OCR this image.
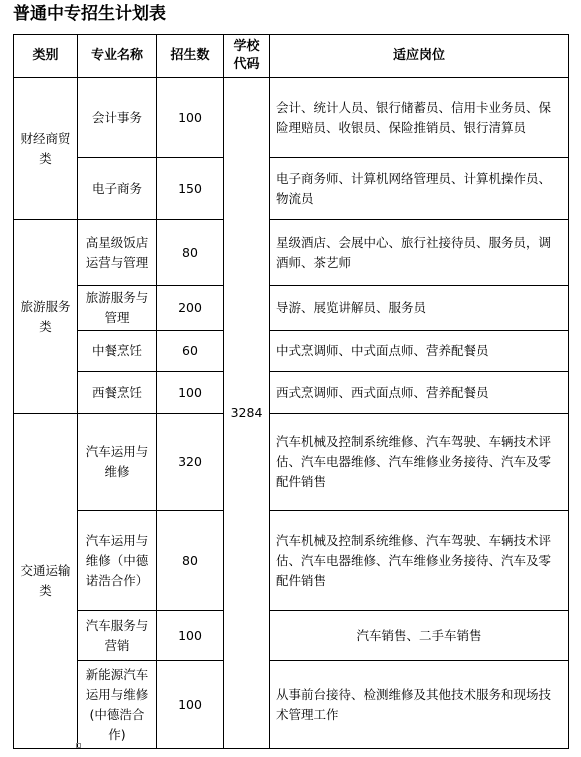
普通中专招生计划表
类别	专业名称	招生数	学校代码	适应岗位
财经商贸类	会计事务	100	3284	会计、统计人员、银行储蓄员、信用卡业务员、保险理赔员、收银员、保险推销员、银行清算员
	电子商务	150		电子商务师、计算机网络管理员、计算机操作员、物流员
旅游服务类	高星级饭店运营与管理	80		星级酒店、会展中心、旅行社接待员、服务员，调酒师、茶艺师
	旅游服务与管理	200		导游、展览讲解员、服务员
	中餐烹饪	60		中式烹调师、中式面点师、营养配餐员
	西餐烹饪	100		西式烹调师、西式面点师、营养配餐员
交通运输类	汽车运用与维修	320		汽车机械及控制系统维修、汽车驾驶、车辆技术评估、汽车电器维修、汽车维修业务接待、汽车及零配件销售
	汽车运用与维修（中德诺浩合作）	80		汽车机械及控制系统维修、汽车驾驶、车辆技术评估、汽车电器维修、汽车维修业务接待、汽车及零配件销售
	汽车服务与营销	100		汽车销售、二手车销售
	新能源汽车运用与维修(中德浩合作)	100		从事前台接待、检测维修及其他技术服务和现场技术管理工作
